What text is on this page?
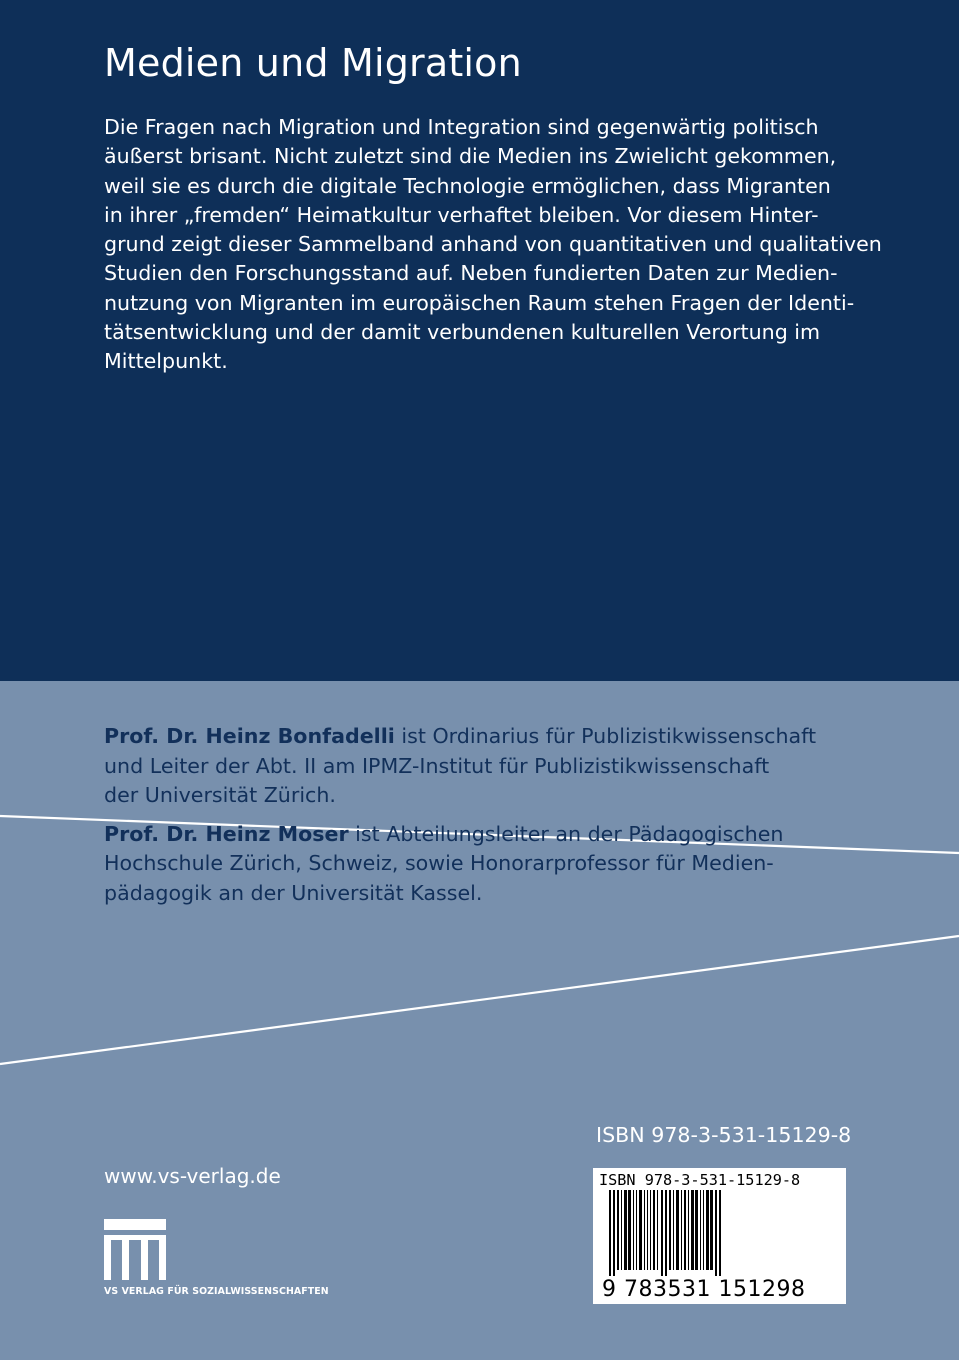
Medien und Migration
Die Fragen nach Migration und Integration sind gegenwärtig politisch
äußerst brisant. Nicht zuletzt sind die Medien ins Zwielicht gekommen,
weil sie es durch die digitale Technologie ermöglichen, dass Migranten
in ihrer „fremden“ Heimatkultur verhaftet bleiben. Vor diesem Hinter-
grund zeigt dieser Sammelband anhand von quantitativen und qualitativen
Studien den Forschungsstand auf. Neben fundierten Daten zur Medien-
nutzung von Migranten im europäischen Raum stehen Fragen der Identi-
tätsentwicklung und der damit verbundenen kulturellen Verortung im
Mittelpunkt.
Prof. Dr. Heinz Bonfadelli ist Ordinarius für Publizistikwissenschaft
und Leiter der Abt. II am IPMZ-Institut für Publizistikwissenschaft
der Universität Zürich.
Prof. Dr. Heinz Moser ist Abteilungsleiter an der Pädagogischen
Hochschule Zürich, Schweiz, sowie Honorarprofessor für Medien-
pädagogik an der Universität Kassel.
www.vs-verlag.de
VS VERLAG FÜR SOZIALWISSENSCHAFTEN
ISBN 978-3-531-15129-8
ISBN 978-3-531-15129-8
9 783531 151298
